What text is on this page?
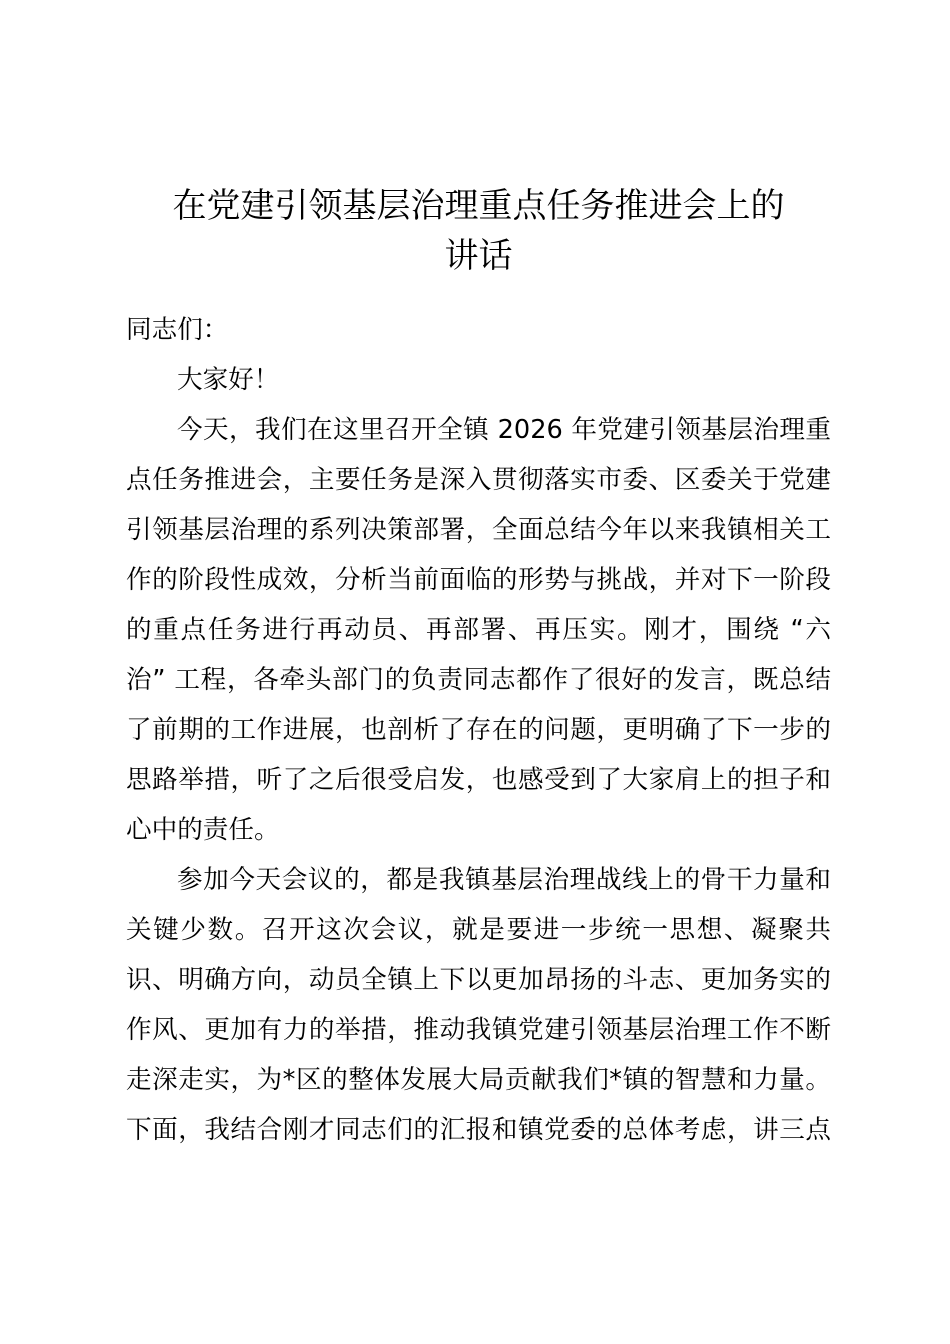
在党建引领基层治理重点任务推进会上的
讲话
同志们：
大家好！
今天，我们在这里召开全镇 2026 年党建引领基层治理重
点任务推进会，主要任务是深入贯彻落实市委、区委关于党建
引领基层治理的系列决策部署，全面总结今年以来我镇相关工
作的阶段性成效，分析当前面临的形势与挑战，并对下一阶段
的重点任务进行再动员、再部署、再压实。刚才，围绕 “六
治” 工程，各牵头部门的负责同志都作了很好的发言，既总结
了前期的工作进展，也剖析了存在的问题，更明确了下一步的
思路举措，听了之后很受启发，也感受到了大家肩上的担子和
心中的责任。
参加今天会议的，都是我镇基层治理战线上的骨干力量和
关键少数。召开这次会议，就是要进一步统一思想、凝聚共
识、明确方向，动员全镇上下以更加昂扬的斗志、更加务实的
作风、更加有力的举措，推动我镇党建引领基层治理工作不断
走深走实，为*区的整体发展大局贡献我们*镇的智慧和力量。
下面，我结合刚才同志们的汇报和镇党委的总体考虑，讲三点
